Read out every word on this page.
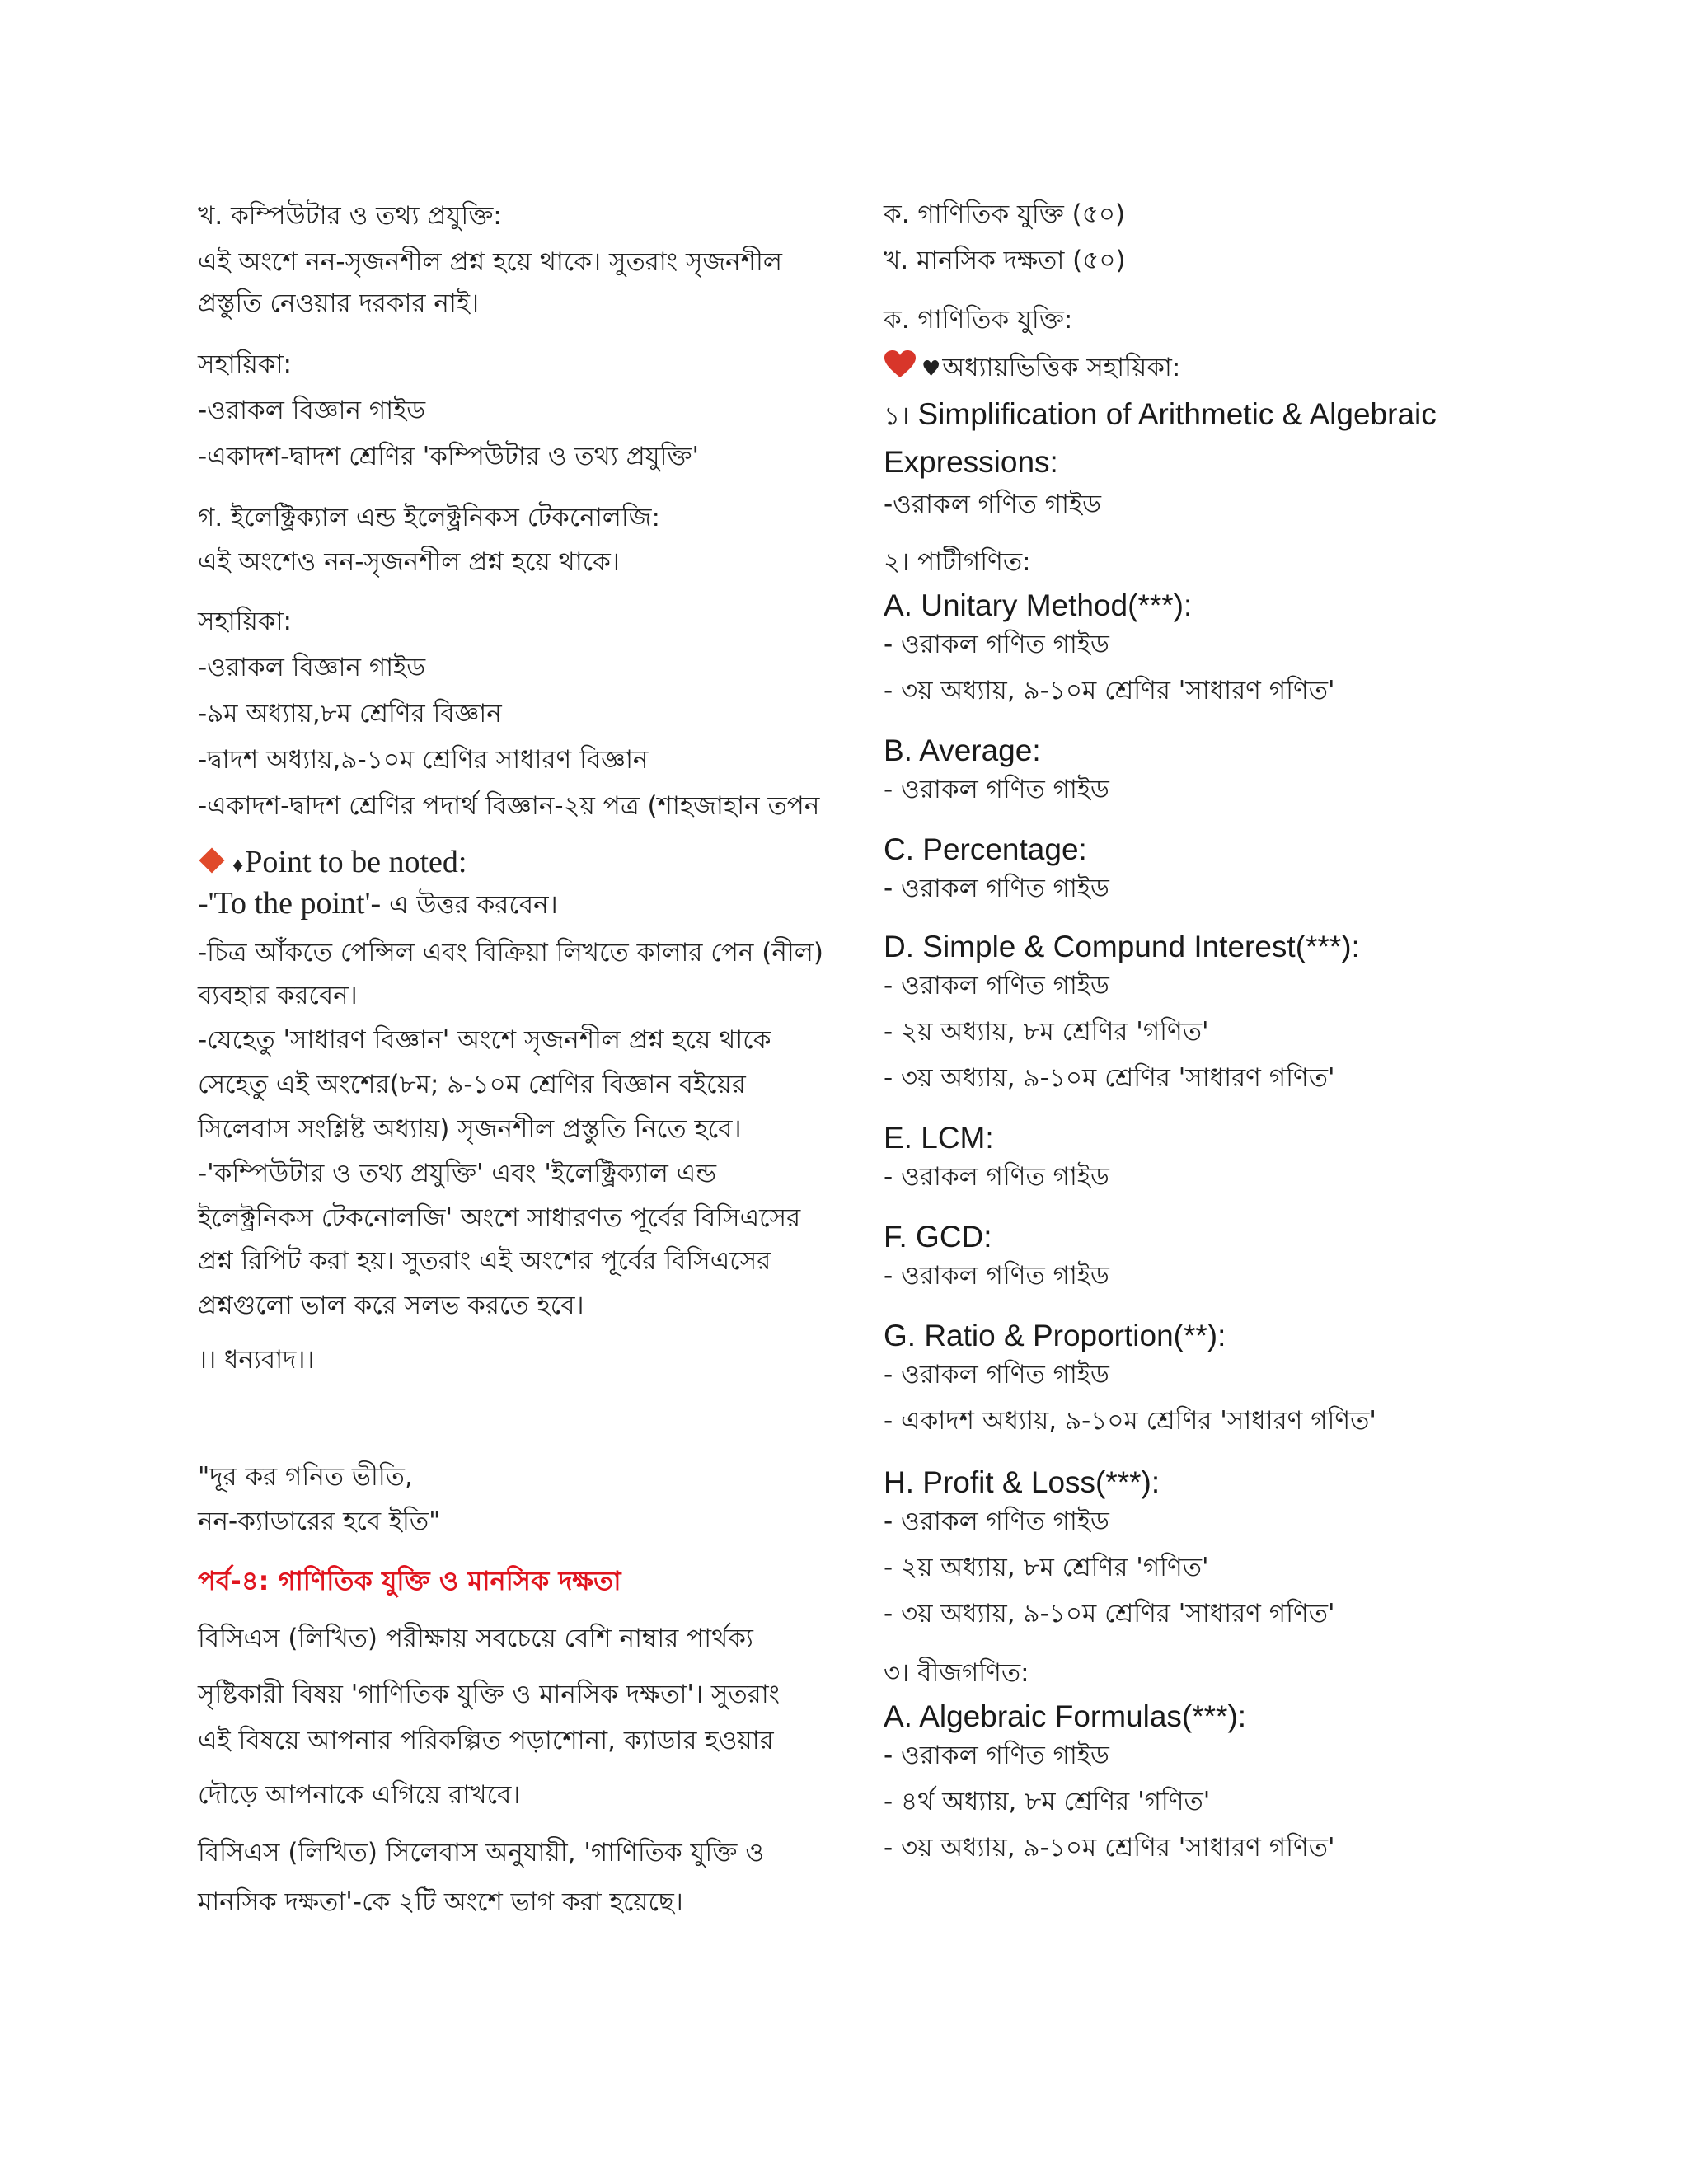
খ. কম্পিউটার ও তথ্য প্রযুক্তি:
এই অংশে নন-সৃজনশীল প্রশ্ন হয়ে থাকে। সুতরাং সৃজনশীল
প্রস্তুতি নেওয়ার দরকার নাই।
সহায়িকা:
-ওরাকল বিজ্ঞান গাইড
-একাদশ-দ্বাদশ শ্রেণির 'কম্পিউটার ও তথ্য প্রযুক্তি'
গ. ইলেক্ট্রিক্যাল এন্ড ইলেক্ট্রনিকস টেকনোলজি:
এই অংশেও নন-সৃজনশীল প্রশ্ন হয়ে থাকে।
সহায়িকা:
-ওরাকল বিজ্ঞান গাইড
-৯ম অধ্যায়,৮ম শ্রেণির বিজ্ঞান
-দ্বাদশ অধ্যায়,৯-১০ম শ্রেণির সাধারণ বিজ্ঞান
-একাদশ-দ্বাদশ শ্রেণির পদার্থ বিজ্ঞান-২য় পত্র (শাহজাহান তপন
♦Point to be noted:
-'To the point'- এ উত্তর করবেন।
-চিত্র আঁকতে পেন্সিল এবং বিক্রিয়া লিখতে কালার পেন (নীল)
ব্যবহার করবেন।
-যেহেতু 'সাধারণ বিজ্ঞান' অংশে সৃজনশীল প্রশ্ন হয়ে থাকে
সেহেতু এই অংশের(৮ম; ৯-১০ম শ্রেণির বিজ্ঞান বইয়ের
সিলেবাস সংশ্লিষ্ট অধ্যায়) সৃজনশীল প্রস্তুতি নিতে হবে।
-'কম্পিউটার ও তথ্য প্রযুক্তি' এবং 'ইলেক্ট্রিক্যাল এন্ড
ইলেক্ট্রনিকস টেকনোলজি' অংশে সাধারণত পূর্বের বিসিএসের
প্রশ্ন রিপিট করা হয়। সুতরাং এই অংশের পূর্বের বিসিএসের
প্রশ্নগুলো ভাল করে সলভ করতে হবে।
।। ধন্যবাদ।।
"দূর কর গনিত ভীতি,
নন-ক্যাডারের হবে ইতি"
পর্ব-৪: গাণিতিক যুক্তি ও মানসিক দক্ষতা
বিসিএস (লিখিত) পরীক্ষায় সবচেয়ে বেশি নাম্বার পার্থক্য
সৃষ্টিকারী বিষয় 'গাণিতিক যুক্তি ও মানসিক দক্ষতা'। সুতরাং
এই বিষয়ে আপনার পরিকল্পিত পড়াশোনা, ক্যাডার হওয়ার
দৌড়ে আপনাকে এগিয়ে রাখবে।
বিসিএস (লিখিত) সিলেবাস অনুযায়ী, 'গাণিতিক যুক্তি ও
মানসিক দক্ষতা'-কে ২টি অংশে ভাগ করা হয়েছে।
ক. গাণিতিক যুক্তি (৫০)
খ. মানসিক দক্ষতা (৫০)
ক. গাণিতিক যুক্তি:
♥অধ্যায়ভিত্তিক সহায়িকা:
১। Simplification of Arithmetic & Algebraic
Expressions:
-ওরাকল গণিত গাইড
২। পাটীগণিত:
A. Unitary Method(***):
- ওরাকল গণিত গাইড
- ৩য় অধ্যায়, ৯-১০ম শ্রেণির 'সাধারণ গণিত'
B. Average:
- ওরাকল গণিত গাইড
C. Percentage:
- ওরাকল গণিত গাইড
D. Simple & Compund Interest(***):
- ওরাকল গণিত গাইড
- ২য় অধ্যায়, ৮ম শ্রেণির 'গণিত'
- ৩য় অধ্যায়, ৯-১০ম শ্রেণির 'সাধারণ গণিত'
E. LCM:
- ওরাকল গণিত গাইড
F. GCD:
- ওরাকল গণিত গাইড
G. Ratio & Proportion(**):
- ওরাকল গণিত গাইড
- একাদশ অধ্যায়, ৯-১০ম শ্রেণির 'সাধারণ গণিত'
H. Profit & Loss(***):
- ওরাকল গণিত গাইড
- ২য় অধ্যায়, ৮ম শ্রেণির 'গণিত'
- ৩য় অধ্যায়, ৯-১০ম শ্রেণির 'সাধারণ গণিত'
৩। বীজগণিত:
A. Algebraic Formulas(***):
- ওরাকল গণিত গাইড
- ৪র্থ অধ্যায়, ৮ম শ্রেণির 'গণিত'
- ৩য় অধ্যায়, ৯-১০ম শ্রেণির 'সাধারণ গণিত'
